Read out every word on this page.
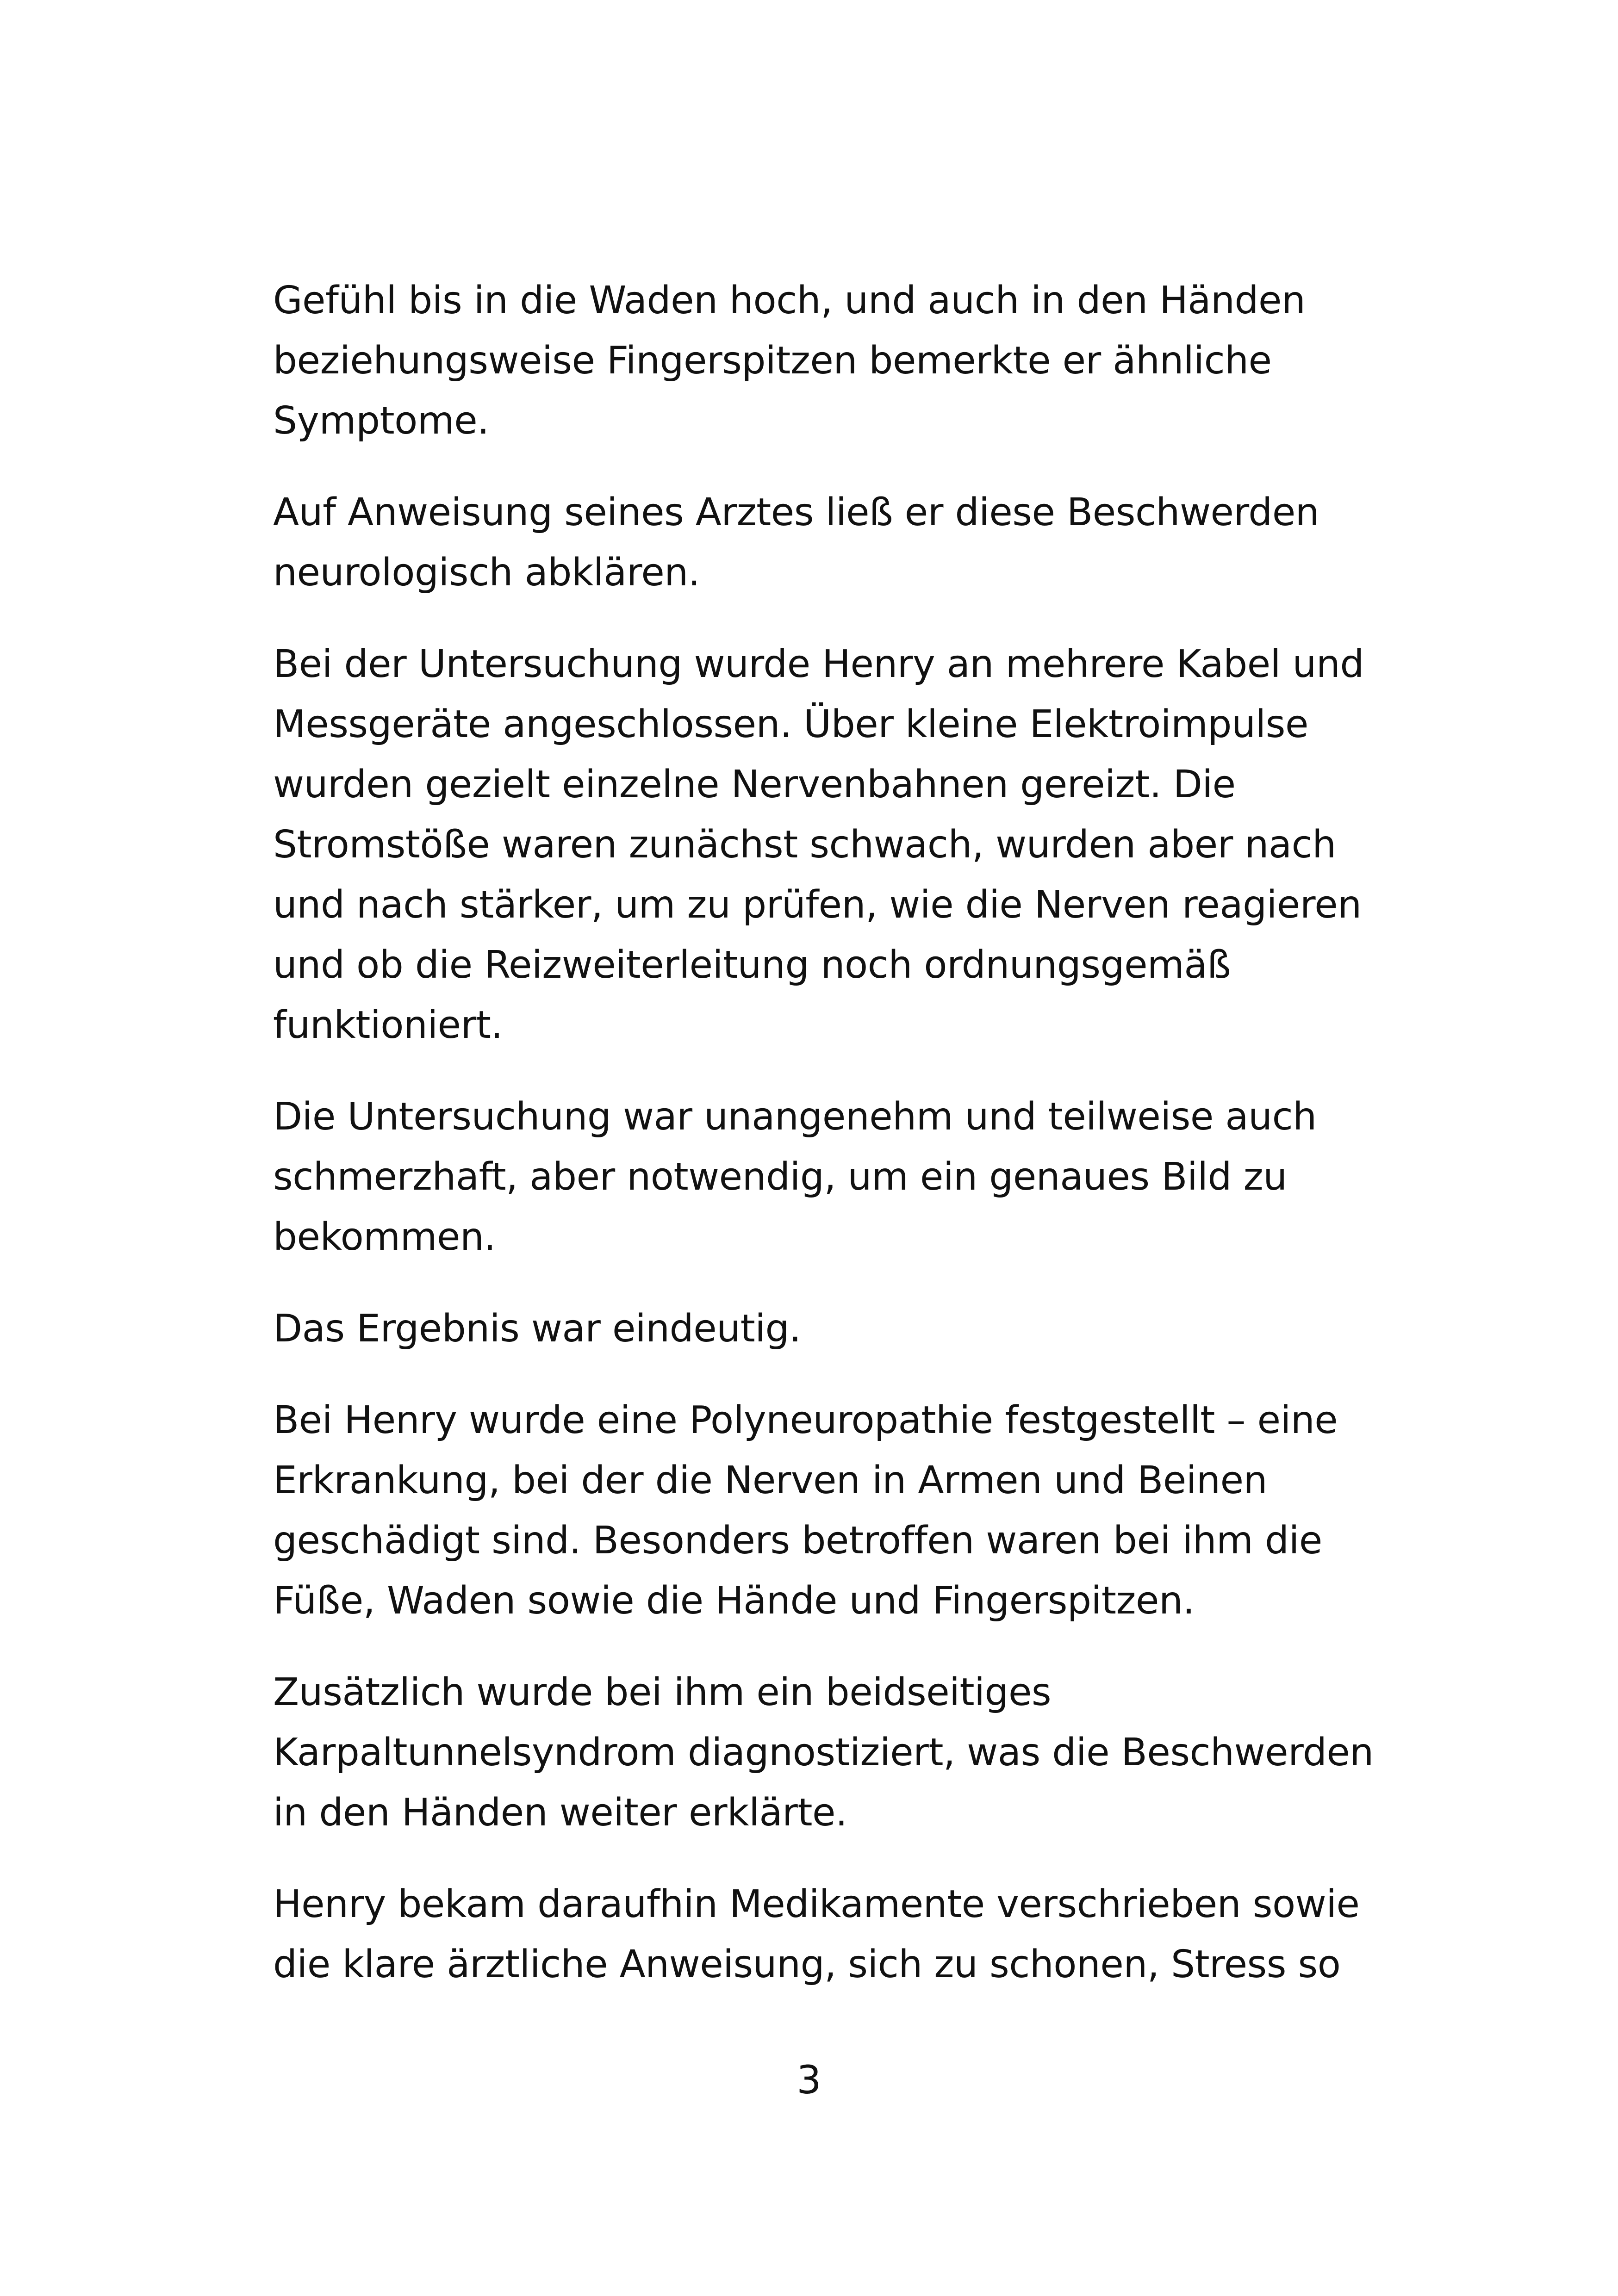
Gefühl bis in die Waden hoch, und auch in den Händen
beziehungsweise Fingerspitzen bemerkte er ähnliche
Symptome.

Auf Anweisung seines Arztes ließ er diese Beschwerden
neurologisch abklären.

Bei der Untersuchung wurde Henry an mehrere Kabel und
Messgeräte angeschlossen. Über kleine Elektroimpulse
wurden gezielt einzelne Nervenbahnen gereizt. Die
Stromstöße waren zunächst schwach, wurden aber nach
und nach stärker, um zu prüfen, wie die Nerven reagieren
und ob die Reizweiterleitung noch ordnungsgemäß
funktioniert.

Die Untersuchung war unangenehm und teilweise auch
schmerzhaft, aber notwendig, um ein genaues Bild zu
bekommen.

Das Ergebnis war eindeutig.

Bei Henry wurde eine Polyneuropathie festgestellt – eine
Erkrankung, bei der die Nerven in Armen und Beinen
geschädigt sind. Besonders betroffen waren bei ihm die
Füße, Waden sowie die Hände und Fingerspitzen.

Zusätzlich wurde bei ihm ein beidseitiges
Karpaltunnelsyndrom diagnostiziert, was die Beschwerden
in den Händen weiter erklärte.

Henry bekam daraufhin Medikamente verschrieben sowie
die klare ärztliche Anweisung, sich zu schonen, Stress so

3
